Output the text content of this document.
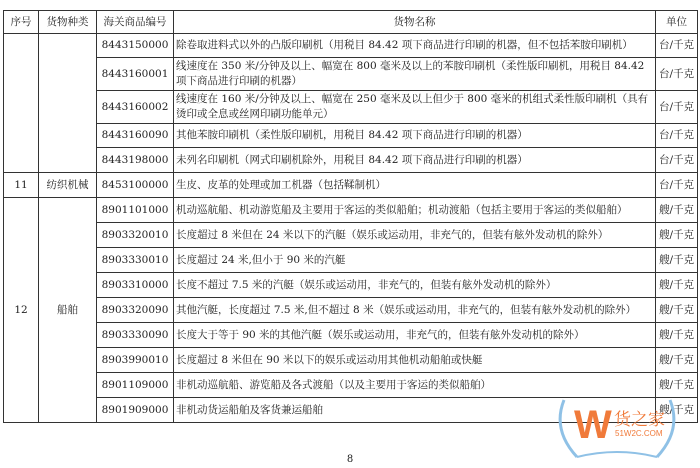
序号	货物种类	海关商品编号	货物名称	单位
		8443150000	除卷取进料式以外的凸版印刷机（用税目 84.42 项下商品进行印刷的机器，但不包括苯胺印刷机）	台/千克
		8443160001	线速度在 350 米/分钟及以上、幅宽在 800 毫米及以上的苯胺印刷机（柔性版印刷机，用税目 84.42 项下商品进行印刷的机器）	台/千克
		8443160002	线速度在 160 米/分钟及以上、幅宽在 250 毫米及以上但少于 800 毫米的机组式柔性版印刷机（具有烫印或全息或丝网印刷功能单元）	台/千克
		8443160090	其他苯胺印刷机（柔性版印刷机，用税目 84.42 项下商品进行印刷的机器）	台/千克
		8443198000	未列名印刷机（网式印刷机除外，用税目 84.42 项下商品进行印刷的机器）	台/千克
11	纺织机械	8453100000	生皮、皮革的处理或加工机器（包括鞣制机）	台/千克
12	船舶	8901101000	机动巡航船、机动游览船及主要用于客运的类似船舶；机动渡船（包括主要用于客运的类似船舶）	艘/千克
		8903320010	长度超过 8 米但在 24 米以下的汽艇（娱乐或运动用，非充气的，但装有舷外发动机的除外）	艘/千克
		8903330010	长度超过 24 米,但小于 90 米的汽艇	艘/千克
		8903310000	长度不超过 7.5 米的汽艇（娱乐或运动用，非充气的，但装有舷外发动机的除外）	艘/千克
		8903320090	其他汽艇，长度超过 7.5 米,但不超过 8 米（娱乐或运动用，非充气的，但装有舷外发动机的除外）	艘/千克
		8903330090	长度大于等于 90 米的其他汽艇（娱乐或运动用，非充气的，但装有舷外发动机的除外）	艘/千克
		8903990010	长度超过 8 米但在 90 米以下的娱乐或运动用其他机动船舶或快艇	艘/千克
		8901109000	非机动巡航船、游览船及各式渡船（以及主要用于客运的类似船舶）	艘/千克
		8901909000	非机动货运船舶及客货兼运船舶	艘/千克
8
W 货之家
51W2C.COM
